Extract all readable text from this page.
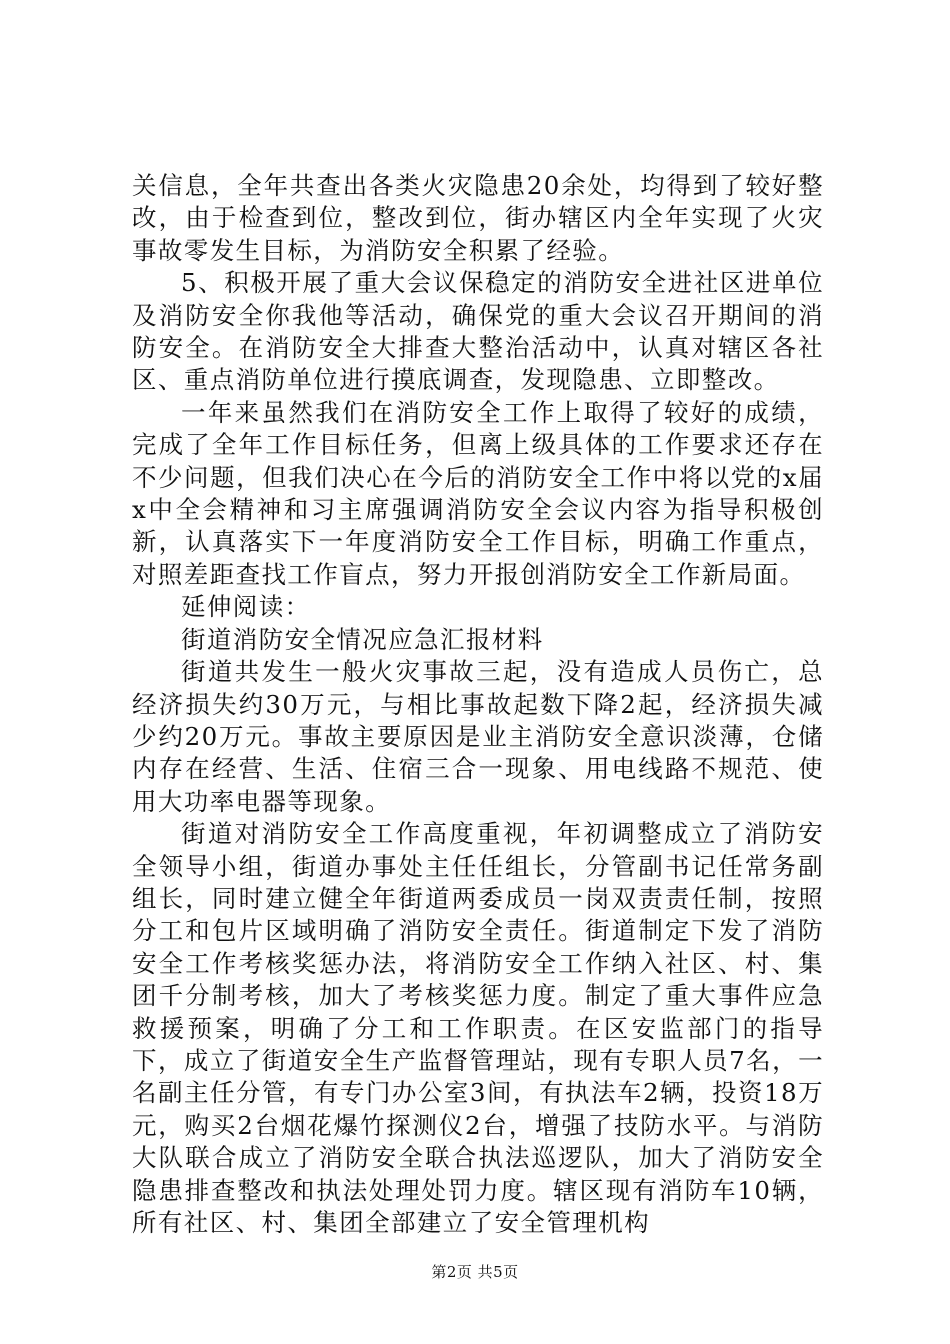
关信息，全年共查出各类火灾隐患20余处，均得到了较好整改，由于检查到位，整改到位，街办辖区内全年实现了火灾事故零发生目标，为消防安全积累了经验。

5、积极开展了重大会议保稳定的消防安全进社区进单位及消防安全你我他等活动，确保党的重大会议召开期间的消防安全。在消防安全大排查大整治活动中，认真对辖区各社区、重点消防单位进行摸底调查，发现隐患、立即整改。

一年来虽然我们在消防安全工作上取得了较好的成绩，完成了全年工作目标任务，但离上级具体的工作要求还存在不少问题，但我们决心在今后的消防安全工作中将以党的x届x中全会精神和习主席强调消防安全会议内容为指导积极创新，认真落实下一年度消防安全工作目标，明确工作重点，对照差距查找工作盲点，努力开报创消防安全工作新局面。

延伸阅读：

街道消防安全情况应急汇报材料

街道共发生一般火灾事故三起，没有造成人员伤亡，总经济损失约30万元，与相比事故起数下降2起，经济损失减少约20万元。事故主要原因是业主消防安全意识淡薄，仓储内存在经营、生活、住宿三合一现象、用电线路不规范、使用大功率电器等现象。

街道对消防安全工作高度重视，年初调整成立了消防安全领导小组，街道办事处主任任组长，分管副书记任常务副组长，同时建立健全年街道两委成员一岗双责责任制，按照分工和包片区域明确了消防安全责任。街道制定下发了消防安全工作考核奖惩办法，将消防安全工作纳入社区、村、集团千分制考核，加大了考核奖惩力度。制定了重大事件应急救援预案，明确了分工和工作职责。在区安监部门的指导下，成立了街道安全生产监督管理站，现有专职人员7名，一名副主任分管，有专门办公室3间，有执法车2辆，投资18万元，购买2台烟花爆竹探测仪2台，增强了技防水平。与消防大队联合成立了消防安全联合执法巡逻队，加大了消防安全隐患排查整改和执法处理处罚力度。辖区现有消防车10辆，所有社区、村、集团全部建立了安全管理机构

第2页 共5页
